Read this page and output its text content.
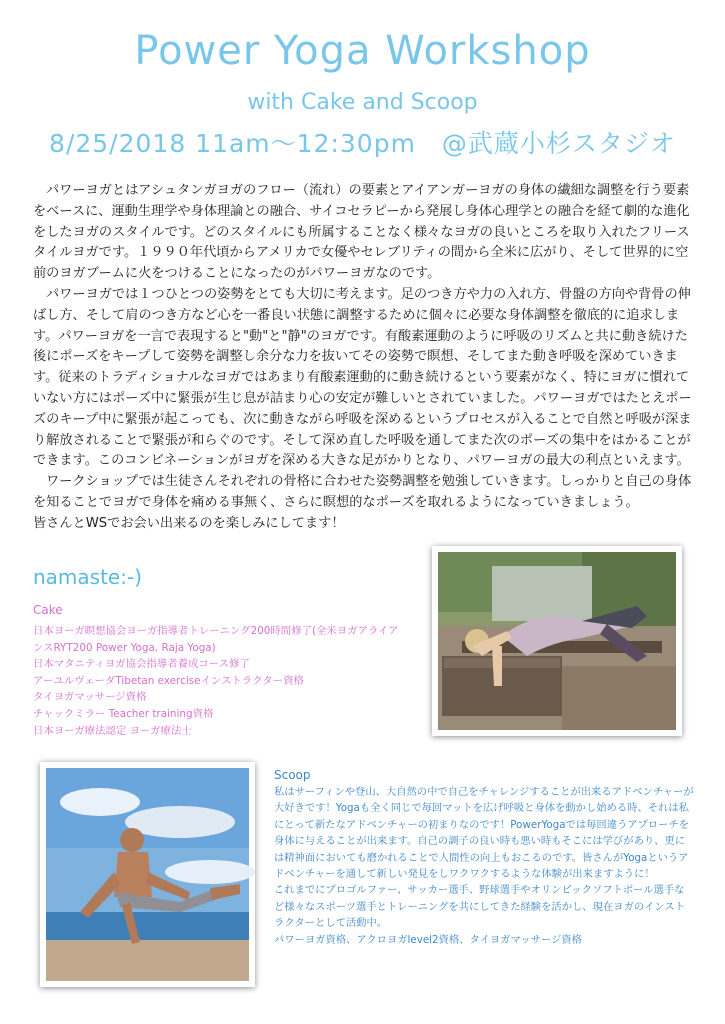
Power Yoga Workshop
with Cake and Scoop
8/25/2018 11am〜12:30pm　@武蔵小杉スタジオ

パワーヨガとはアシュタンガヨガのフロー（流れ）の要素とアイアンガーヨガの身体の繊細な調整を行う要素をベースに、運動生理学や身体理論との融合、サイコセラピーから発展し身体心理学との融合を経て劇的な進化をしたヨガのスタイルです。どのスタイルにも所属することなく様々なヨガの良いところを取り入れたフリースタイルヨガです。１９９０年代頃からアメリカで女優やセレブリティの間から全米に広がり、そして世界的に空前のヨガブームに火をつけることになったのがパワーヨガなのです。

パワーヨガでは１つひとつの姿勢をとても大切に考えます。足のつき方や力の入れ方、骨盤の方向や背骨の伸ばし方、そして肩のつき方など心を一番良い状態に調整するために個々に必要な身体調整を徹底的に追求します。パワーヨガを一言で表現すると"動"と"静"のヨガです。有酸素運動のように呼吸のリズムと共に動き続けた後にポーズをキープして姿勢を調整し余分な力を抜いてその姿勢で瞑想、そしてまた動き呼吸を深めていきます。従来のトラディショナルなヨガではあまり有酸素運動的に動き続けるという要素がなく、特にヨガに慣れていない方にはポーズ中に緊張が生じ息が詰まり心の安定が難しいとされていました。パワーヨガではたとえポーズのキープ中に緊張が起こっても、次に動きながら呼吸を深めるというプロセスが入ることで自然と呼吸が深まり解放されることで緊張が和らぐのです。そして深め直した呼吸を通してまた次のポーズの集中をはかることができます。このコンビネーションがヨガを深める大きな足がかりとなり、パワーヨガの最大の利点といえます。

ワークショップでは生徒さんそれぞれの骨格に合わせた姿勢調整を勉強していきます。しっかりと自己の身体を知ることでヨガで身体を痛める事無く、さらに瞑想的なポーズを取れるようになっていきましょう。

皆さんとWSでお会い出来るのを楽しみにしてます！

namaste:-)
Cake
日本ヨーガ瞑想協会ヨーガ指導者トレーニング200時間修了(全米ヨガアライアンスRYT200 Power Yoga, Raja Yoga)
日本マタニティヨガ協会指導者養成コース修了
アーユルヴェーダTibetan exerciseインストラクター資格
タイヨガマッサージ資格
チャックミラー Teacher training資格
日本ヨーガ療法認定 ヨーガ療法士
Scoop

私はサーフィンや登山、大自然の中で自己をチャレンジすることが出来るアドベンチャーが大好きです！Yogaも全く同じで毎回マットを広げ呼吸と身体を動かし始める時、それは私にとって新たなアドベンチャーの初まりなのです！PowerYogaでは毎回違うアプローチを身体に与えることが出来ます。自己の調子の良い時も悪い時もそこには学びがあり、更には精神面においても磨かれることで人間性の向上もおこるのです。皆さんがYogaというアドベンチャーを通して新しい発見をしワクワクするような体験が出来ますように！

これまでにプロゴルファー、サッカー選手、野球選手やオリンピックソフトボール選手など様々なスポーツ選手とトレーニングを共にしてきた経験を活かし、現在ヨガのインストラクターとして活動中。

パワーヨガ資格、アクロヨガlevel2資格、タイヨガマッサージ資格
